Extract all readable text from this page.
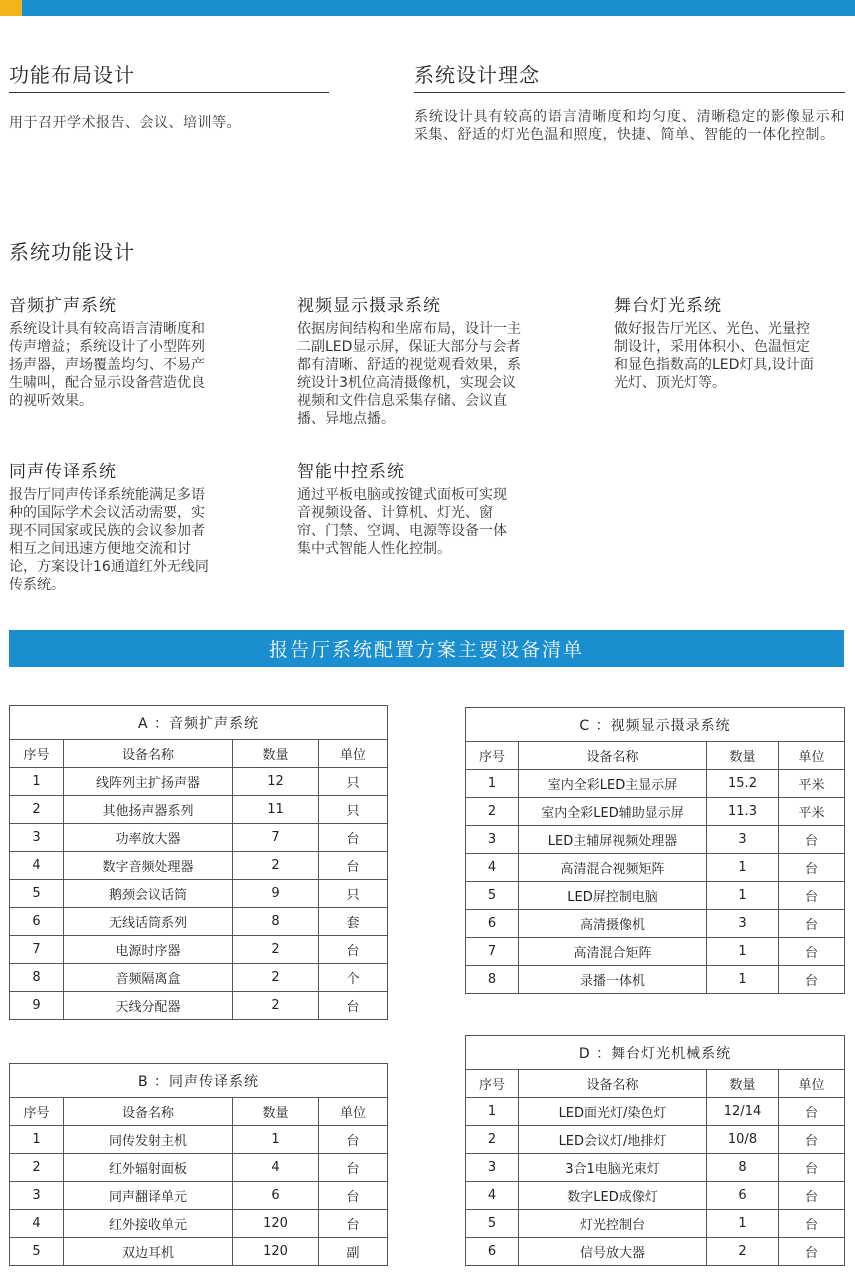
功能布局设计

用于召开学术报告、会议、培训等。

系统设计理念

系统设计具有较高的语言清晰度和均匀度、清晰稳定的影像显示和采集、舒适的灯光色温和照度，快捷、简单、智能的一体化控制。

系统功能设计
音频扩声系统
系统设计具有较高语言清晰度和
传声增益；系统设计了小型阵列
扬声器，声场覆盖均匀、不易产
生啸叫，配合显示设备营造优良
的视听效果。
视频显示摄录系统
依据房间结构和坐席布局，设计一主
二副LED显示屏，保证大部分与会者
都有清晰、舒适的视觉观看效果，系
统设计3机位高清摄像机，实现会议
视频和文件信息采集存储、会议直
播、异地点播。
舞台灯光系统
做好报告厅光区、光色、光量控
制设计，采用体积小、色温恒定
和显色指数高的LED灯具,设计面
光灯、顶光灯等。
同声传译系统
报告厅同声传译系统能满足多语
种的国际学术会议活动需要，实
现不同国家或民族的会议参加者
相互之间迅速方便地交流和讨
论，方案设计16通道红外无线同
传系统。
智能中控系统
通过平板电脑或按键式面板可实现
音视频设备、计算机、灯光、窗
帘、门禁、空调、电源等设备一体
集中式智能人性化控制。
报告厅系统配置方案主要设备清单
A ：音频扩声系统			
序号	设备名称	数量	单位
1	线阵列主扩扬声器	12	只
2	其他扬声器系列	11	只
3	功率放大器	7	台
4	数字音频处理器	2	台
5	鹅颈会议话筒	9	只
6	无线话筒系列	8	套
7	电源时序器	2	台
8	音频隔离盒	2	个
9	天线分配器	2	台
B ：同声传译系统			
序号	设备名称	数量	单位
1	同传发射主机	1	台
2	红外辐射面板	4	台
3	同声翻译单元	6	台
4	红外接收单元	120	台
5	双边耳机	120	副
C ：视频显示摄录系统			
序号	设备名称	数量	单位
1	室内全彩LED主显示屏	15.2	平米
2	室内全彩LED辅助显示屏	11.3	平米
3	LED主辅屏视频处理器	3	台
4	高清混合视频矩阵	1	台
5	LED屏控制电脑	1	台
6	高清摄像机	3	台
7	高清混合矩阵	1	台
8	录播一体机	1	台
D ：舞台灯光机械系统			
序号	设备名称	数量	单位
1	LED面光灯/染色灯	12/14	台
2	LED会议灯/地排灯	10/8	台
3	3合1电脑光束灯	8	台
4	数字LED成像灯	6	台
5	灯光控制台	1	台
6	信号放大器	2	台
